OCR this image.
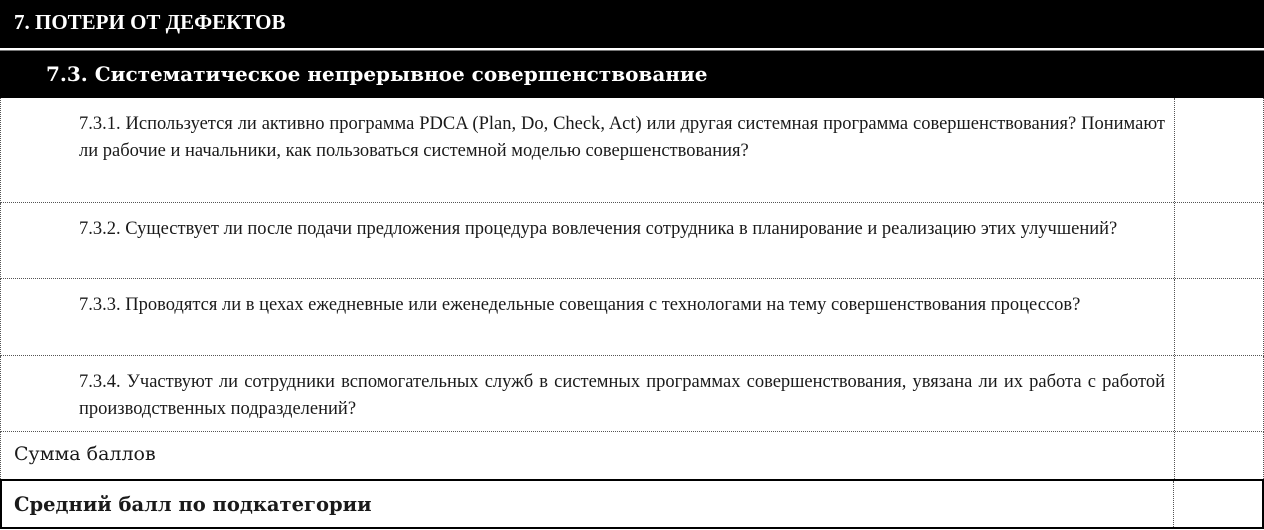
7. ПОТЕРИ ОТ ДЕФЕКТОВ
7.3. Систематическое непрерывное совершенствование
7.3.1. Используется ли активно программа PDCA (Plan, Do, Check, Act) или другая системная программа совершенствования? Понимают ли рабочие и начальники, как пользоваться системной моделью совершенствования?
7.3.2. Существует ли после подачи предложения процедура вовлечения сотрудника в планирование и реализацию этих улучшений?
7.3.3. Проводятся ли в цехах ежедневные или еженедельные совещания с технологами на тему совершенствования процессов?
7.3.4. Участвуют ли сотрудники вспомогательных служб в системных программах совершенствования, увязана ли их работа с работой производственных подразделений?
Сумма баллов
Средний балл по подкатегории
